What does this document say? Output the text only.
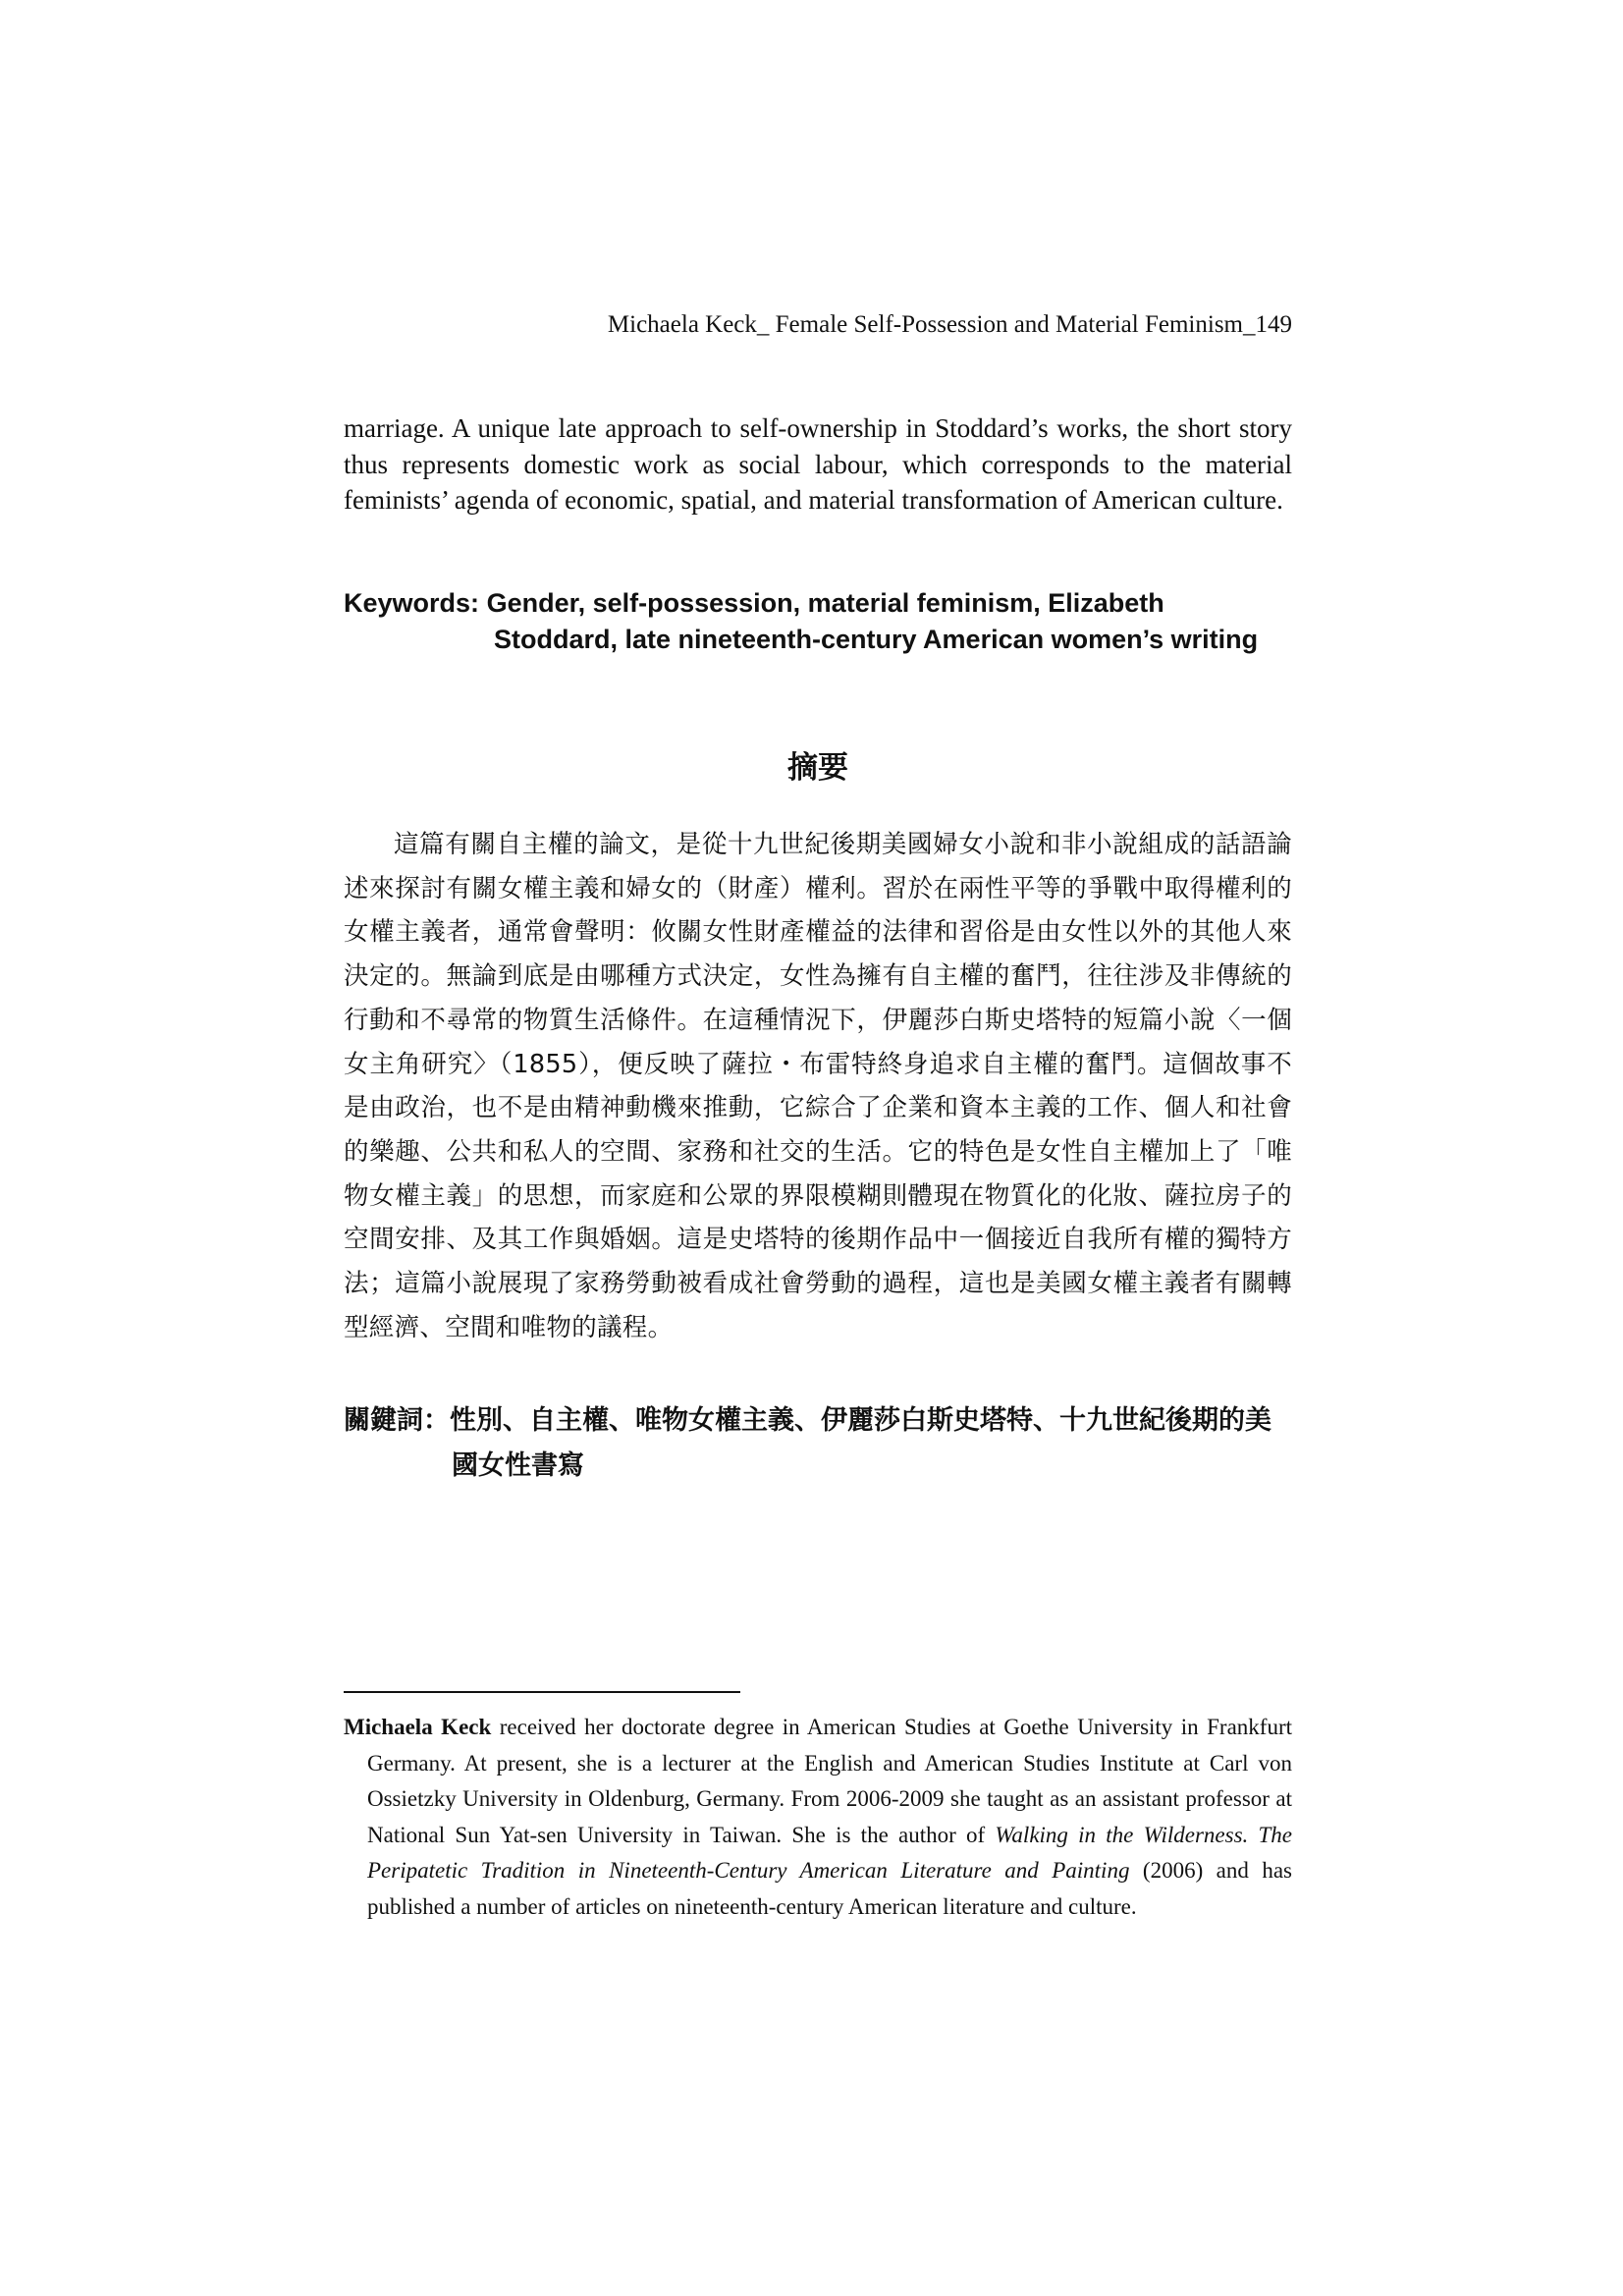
Michaela Keck_ Female Self-Possession and Material Feminism_149

marriage. A unique late approach to self-ownership in Stoddard’s works, the short story thus represents domestic work as social labour, which corresponds to the material feminists’ agenda of economic, spatial, and material transformation of American culture.

Keywords: Gender, self-possession, material feminism, Elizabeth
Stoddard, late nineteenth-century American women’s writing

摘要

這篇有關自主權的論文，是從十九世紀後期美國婦女小說和非小說組成的話語論述來探討有關女權主義和婦女的（財產）權利。習於在兩性平等的爭戰中取得權利的女權主義者，通常會聲明：攸關女性財產權益的法律和習俗是由女性以外的其他人來決定的。無論到底是由哪種方式決定，女性為擁有自主權的奮鬥，往往涉及非傳統的行動和不尋常的物質生活條件。在這種情況下，伊麗莎白斯史塔特的短篇小說〈一個女主角研究〉（1855），便反映了薩拉・布雷特終身追求自主權的奮鬥。這個故事不是由政治，也不是由精神動機來推動，它綜合了企業和資本主義的工作、個人和社會的樂趣、公共和私人的空間、家務和社交的生活。它的特色是女性自主權加上了「唯物女權主義」的思想，而家庭和公眾的界限模糊則體現在物質化的化妝、薩拉房子的空間安排、及其工作與婚姻。這是史塔特的後期作品中一個接近自我所有權的獨特方法；這篇小說展現了家務勞動被看成社會勞動的過程，這也是美國女權主義者有關轉型經濟、空間和唯物的議程。

關鍵詞：性別、自主權、唯物女權主義、伊麗莎白斯史塔特、十九世紀後期的美
國女性書寫

Michaela Keck received her doctorate degree in American Studies at Goethe University in Frankfurt Germany. At present, she is a lecturer at the English and American Studies Institute at Carl von Ossietzky University in Oldenburg, Germany. From 2006-2009 she taught as an assistant professor at National Sun Yat-sen University in Taiwan. She is the author of Walking in the Wilderness. The Peripatetic Tradition in Nineteenth-Century American Literature and Painting (2006) and has published a number of articles on nineteenth-century American literature and culture.
